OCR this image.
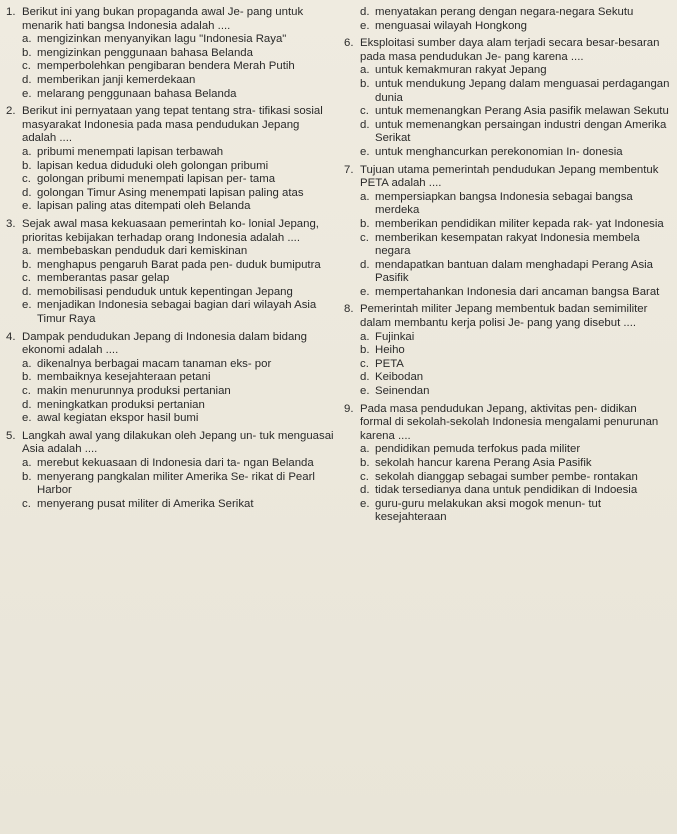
1. Berikut ini yang bukan propaganda awal Je- pang untuk menarik hati bangsa Indonesia adalah ....
a. mengizinkan menyanyikan lagu "Indonesia Raya"
b. mengizinkan penggunaan bahasa Belanda
c. memperbolehkan pengibaran bendera Merah Putih
d. memberikan janji kemerdekaan
e. melarang penggunaan bahasa Belanda
2. Berikut ini pernyataan yang tepat tentang stra- tifikasi sosial masyarakat Indonesia pada masa pendudukan Jepang adalah ....
a. pribumi menempati lapisan terbawah
b. lapisan kedua diduduki oleh golongan pribumi
c. golongan pribumi menempati lapisan per- tama
d. golongan Timur Asing menempati lapisan paling atas
e. lapisan paling atas ditempati oleh Belanda
3. Sejak awal masa kekuasaan pemerintah ko- lonial Jepang, prioritas kebijakan terhadap orang Indonesia adalah ....
a. membebaskan penduduk dari kemiskinan
b. menghapus pengaruh Barat pada pen- duduk bumiputra
c. memberantas pasar gelap
d. memobilisasi penduduk untuk kepentingan Jepang
e. menjadikan Indonesia sebagai bagian dari wilayah Asia Timur Raya
4. Dampak pendudukan Jepang di Indonesia dalam bidang ekonomi adalah ....
a. dikenalnya berbagai macam tanaman eks- por
b. membaiknya kesejahteraan petani
c. makin menurunnya produksi pertanian
d. meningkatkan produksi pertanian
e. awal kegiatan ekspor hasil bumi
5. Langkah awal yang dilakukan oleh Jepang un- tuk menguasai Asia adalah ....
a. merebut kekuasaan di Indonesia dari ta- ngan Belanda
b. menyerang pangkalan militer Amerika Se- rikat di Pearl Harbor
c. menyerang pusat militer di Amerika Serikat
d. menyatakan perang dengan negara-negara Sekutu
e. menguasai wilayah Hongkong
6. Eksploitasi sumber daya alam terjadi secara besar-besaran pada masa pendudukan Je- pang karena ....
a. untuk kemakmuran rakyat Jepang
b. untuk mendukung Jepang dalam menguasai perdagangan dunia
c. untuk memenangkan Perang Asia pasifik melawan Sekutu
d. untuk memenangkan persaingan industri dengan Amerika Serikat
e. untuk menghancurkan perekonomian In- donesia
7. Tujuan utama pemerintah pendudukan Jepang membentuk PETA adalah ....
a. mempersiapkan bangsa Indonesia sebagai bangsa merdeka
b. memberikan pendidikan militer kepada rak- yat Indonesia
c. memberikan kesempatan rakyat Indonesia membela negara
d. mendapatkan bantuan dalam menghadapi Perang Asia Pasifik
e. mempertahankan Indonesia dari ancaman bangsa Barat
8. Pemerintah militer Jepang membentuk badan semimiliter dalam membantu kerja polisi Je- pang yang disebut ....
a. Fujinkai
b. Heiho
c. PETA
d. Keibodan
e. Seinendan
9. Pada masa pendudukan Jepang, aktivitas pen- didikan formal di sekolah-sekolah Indonesia mengalami penurunan karena ....
a. pendidikan pemuda terfokus pada militer
b. sekolah hancur karena Perang Asia Pasifik
c. sekolah dianggap sebagai sumber pembe- rontakan
d. tidak tersedianya dana untuk pendidikan di Indoesia
e. guru-guru melakukan aksi mogok menun- tut kesejahteraan
